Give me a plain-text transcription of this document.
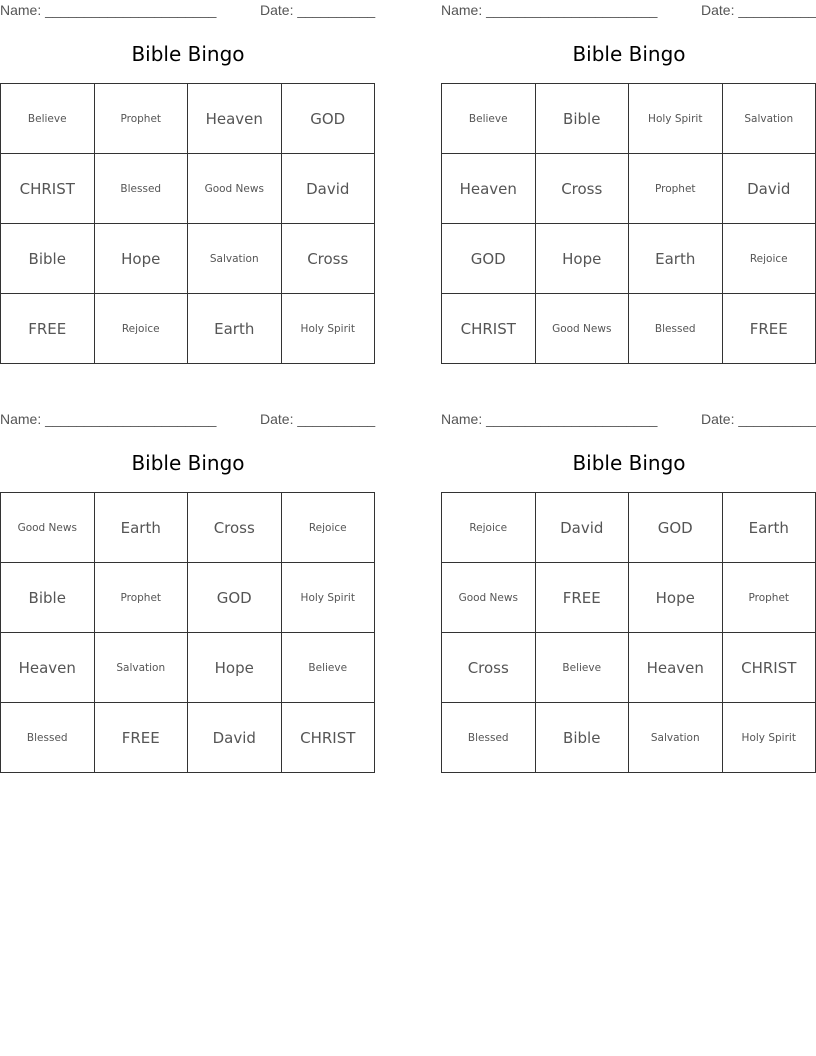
Name: ______________________	Date: __________
Bible Bingo
Believe	Prophet	Heaven	GOD
CHRIST	Blessed	Good News	David
Bible	Hope	Salvation	Cross
FREE	Rejoice	Earth	Holy Spirit
Name: ______________________	Date: __________
Bible Bingo
Believe	Bible	Holy Spirit	Salvation
Heaven	Cross	Prophet	David
GOD	Hope	Earth	Rejoice
CHRIST	Good News	Blessed	FREE
Name: ______________________	Date: __________
Bible Bingo
Good News	Earth	Cross	Rejoice
Bible	Prophet	GOD	Holy Spirit
Heaven	Salvation	Hope	Believe
Blessed	FREE	David	CHRIST
Name: ______________________	Date: __________
Bible Bingo
Rejoice	David	GOD	Earth
Good News	FREE	Hope	Prophet
Cross	Believe	Heaven	CHRIST
Blessed	Bible	Salvation	Holy Spirit
